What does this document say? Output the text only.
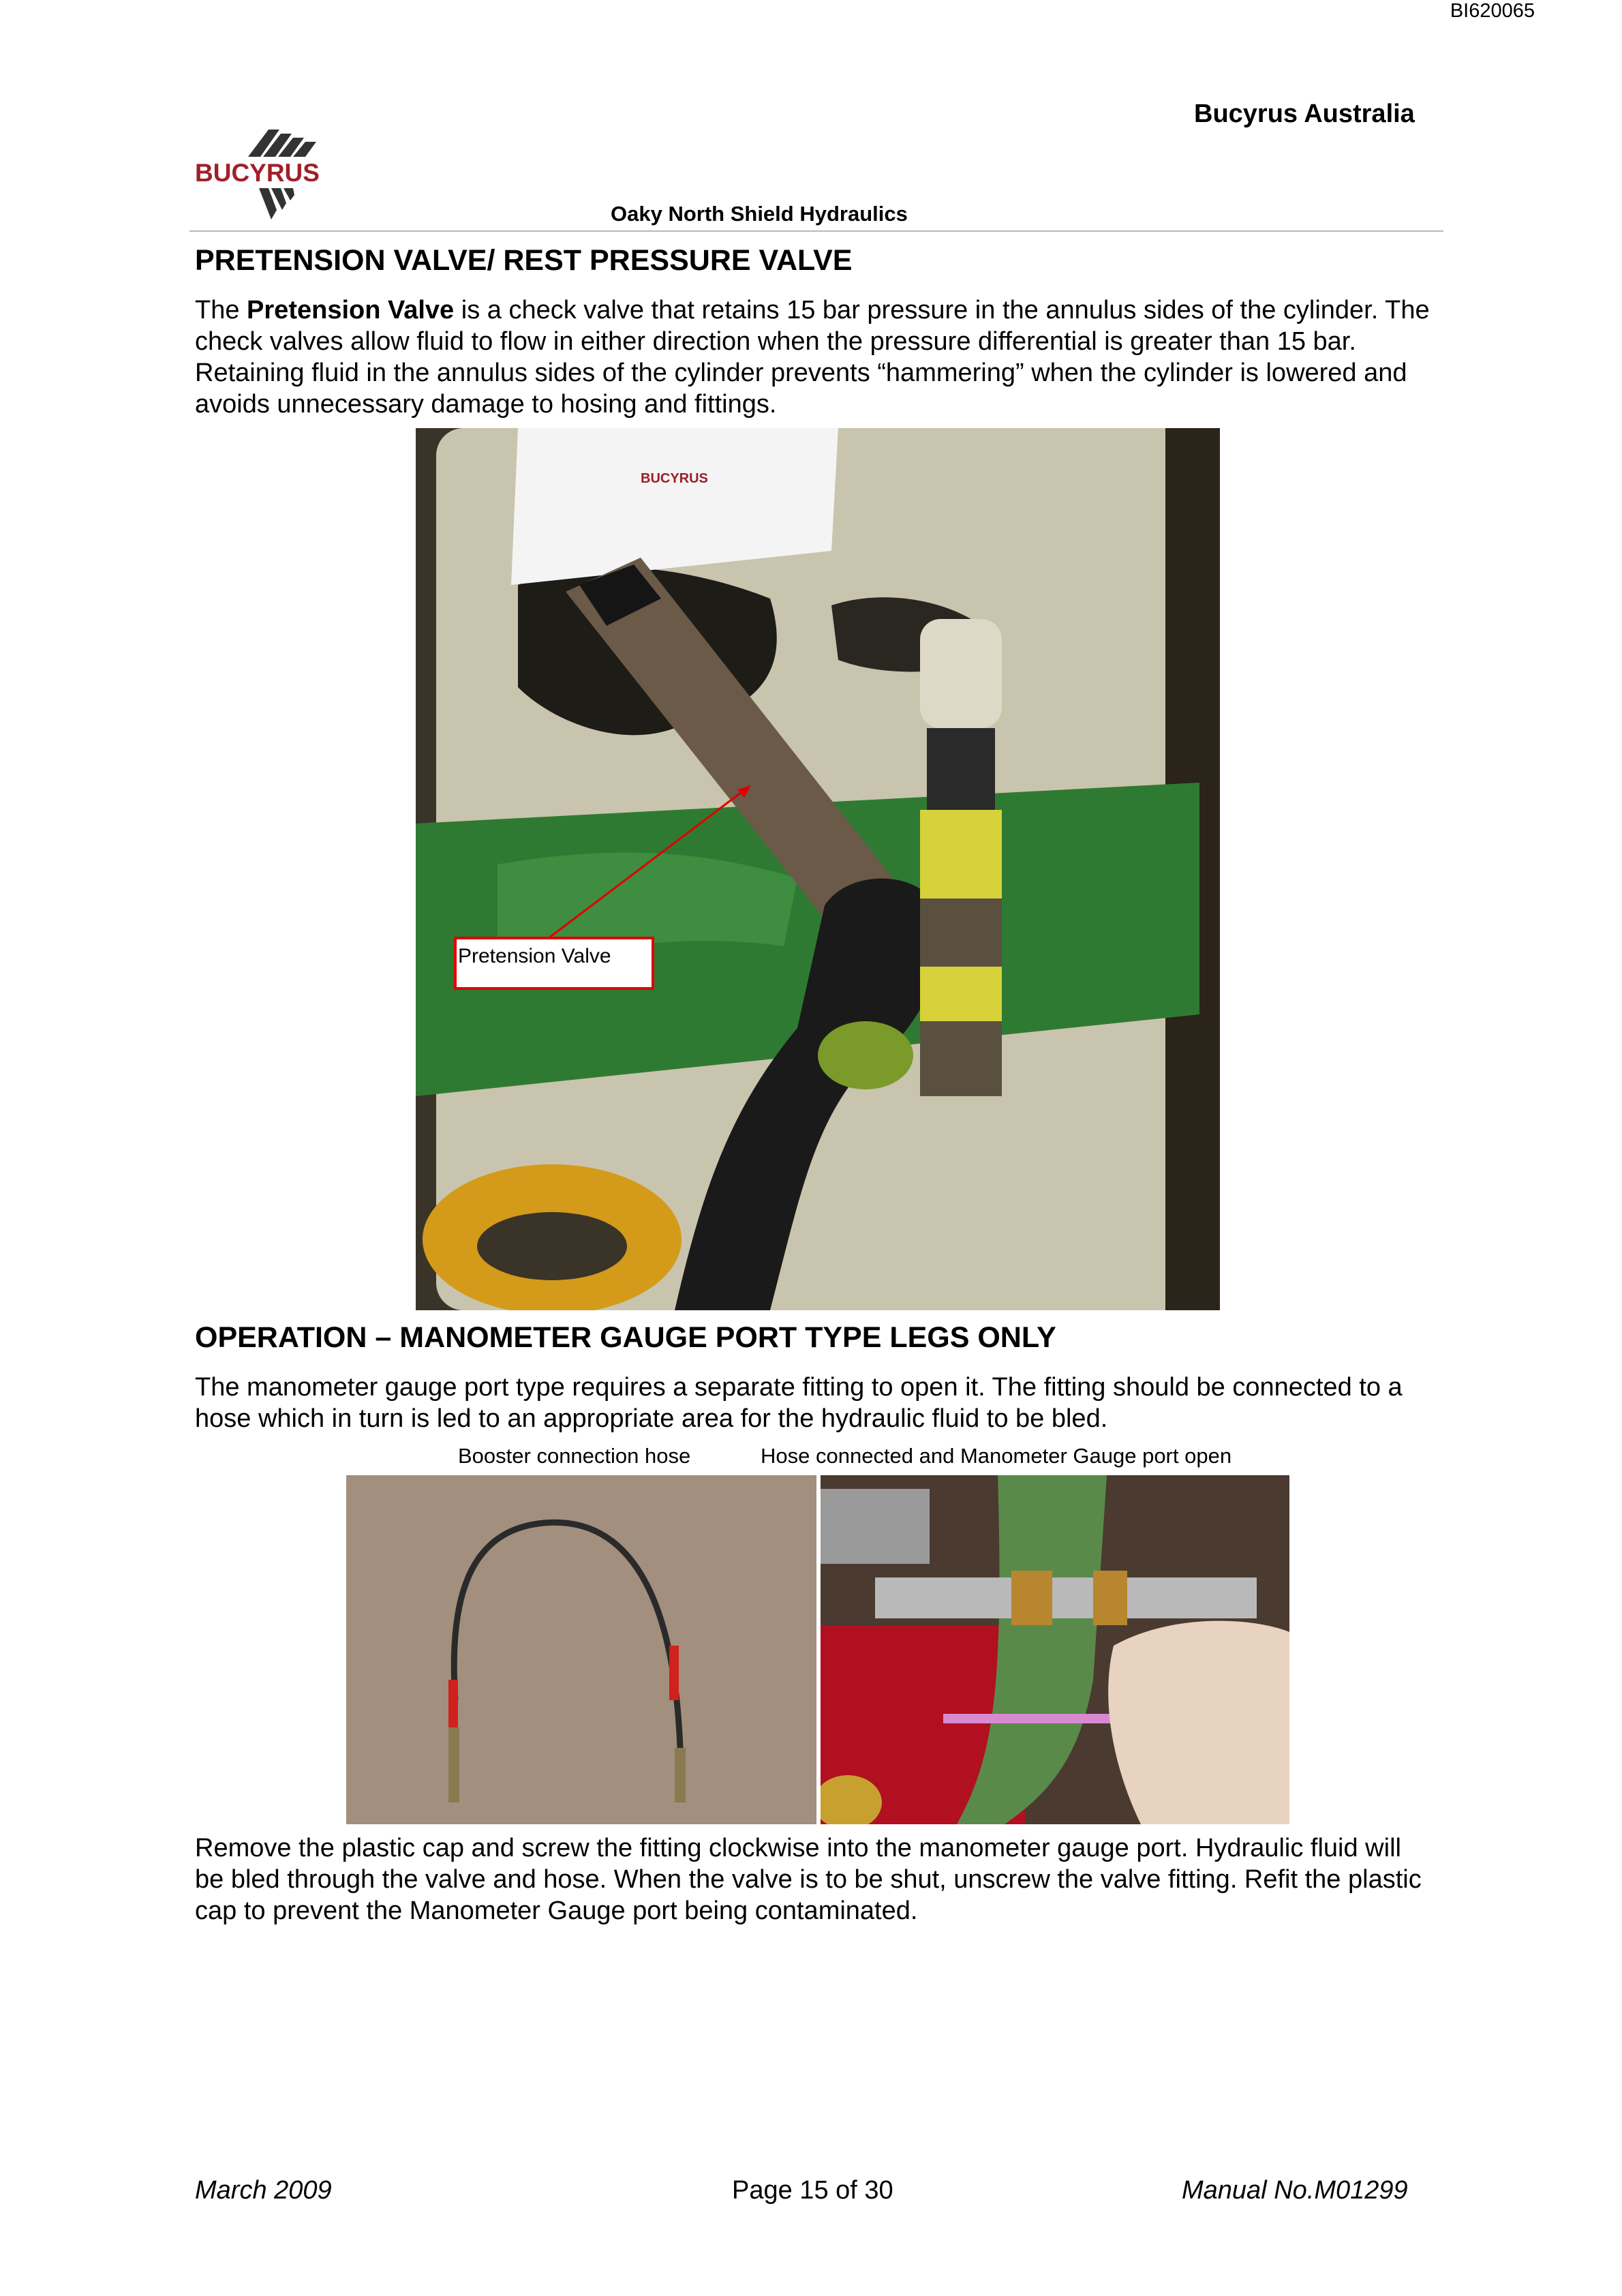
BI620065
Bucyrus Australia
BUCYRUS
Oaky North Shield Hydraulics
PRETENSION VALVE/ REST PRESSURE VALVE
The Pretension Valve is a check valve that retains 15 bar pressure in the annulus sides of the cylinder. The check valves allow fluid to flow in either direction when the pressure differential is greater than 15 bar. Retaining fluid in the annulus sides of the cylinder prevents “hammering” when the cylinder is lowered and avoids unnecessary damage to hosing and fittings.
BUCYRUS
Pretension Valve
OPERATION – MANOMETER GAUGE PORT TYPE LEGS ONLY
The manometer gauge port type requires a separate fitting to open it. The fitting should be connected to a hose which in turn is led to an appropriate area for the hydraulic fluid to be bled.
Booster connection hose	Hose connected and Manometer Gauge port open
Remove the plastic cap and screw the fitting clockwise into the manometer gauge port. Hydraulic fluid will be bled through the valve and hose. When the valve is to be shut, unscrew the valve fitting. Refit the plastic cap to prevent the Manometer Gauge port being contaminated.
March 2009	Page 15 of 30	Manual No.M01299
